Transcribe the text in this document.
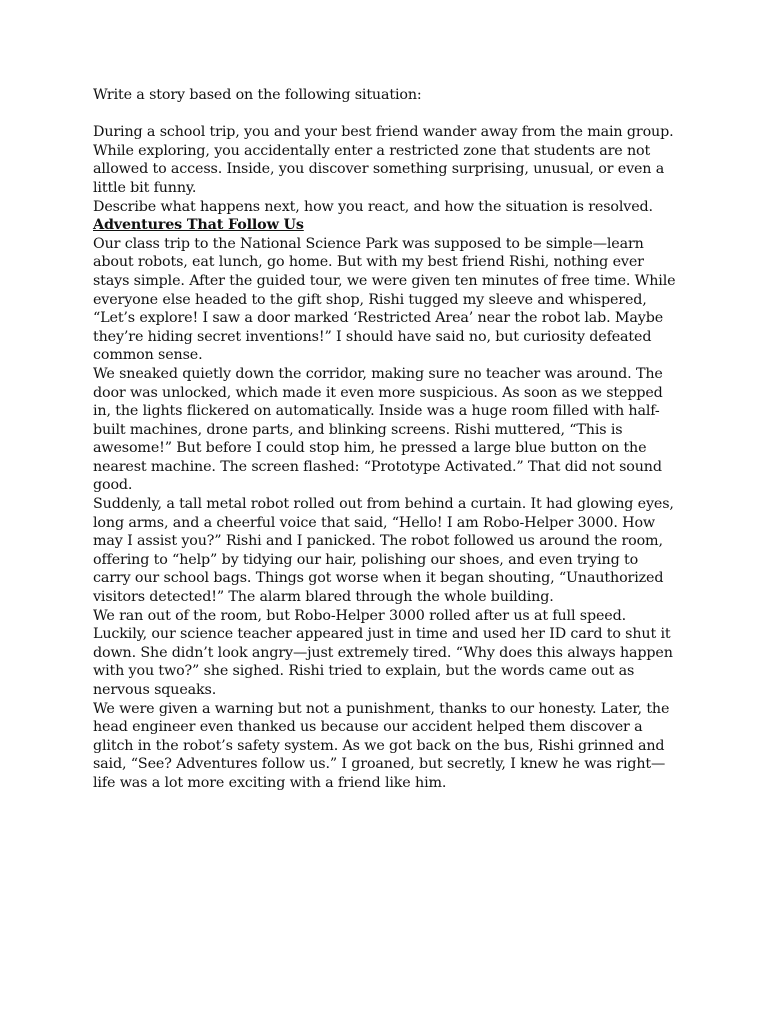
Write a story based on the following situation:

During a school trip, you and your best friend wander away from the main group.
While exploring, you accidentally enter a restricted zone that students are not
allowed to access. Inside, you discover something surprising, unusual, or even a
little bit funny.

Describe what happens next, how you react, and how the situation is resolved.

Adventures That Follow Us

Our class trip to the National Science Park was supposed to be simple—learn
about robots, eat lunch, go home. But with my best friend Rishi, nothing ever
stays simple. After the guided tour, we were given ten minutes of free time. While
everyone else headed to the gift shop, Rishi tugged my sleeve and whispered,
“Let’s explore! I saw a door marked ‘Restricted Area’ near the robot lab. Maybe
they’re hiding secret inventions!” I should have said no, but curiosity defeated
common sense.

We sneaked quietly down the corridor, making sure no teacher was around. The
door was unlocked, which made it even more suspicious. As soon as we stepped
in, the lights flickered on automatically. Inside was a huge room filled with half-
built machines, drone parts, and blinking screens. Rishi muttered, “This is
awesome!” But before I could stop him, he pressed a large blue button on the
nearest machine. The screen flashed: “Prototype Activated.” That did not sound
good.

Suddenly, a tall metal robot rolled out from behind a curtain. It had glowing eyes,
long arms, and a cheerful voice that said, “Hello! I am Robo-Helper 3000. How
may I assist you?” Rishi and I panicked. The robot followed us around the room,
offering to “help” by tidying our hair, polishing our shoes, and even trying to
carry our school bags. Things got worse when it began shouting, “Unauthorized
visitors detected!” The alarm blared through the whole building.

We ran out of the room, but Robo-Helper 3000 rolled after us at full speed.
Luckily, our science teacher appeared just in time and used her ID card to shut it
down. She didn’t look angry—just extremely tired. “Why does this always happen
with you two?” she sighed. Rishi tried to explain, but the words came out as
nervous squeaks.

We were given a warning but not a punishment, thanks to our honesty. Later, the
head engineer even thanked us because our accident helped them discover a
glitch in the robot’s safety system. As we got back on the bus, Rishi grinned and
said, “See? Adventures follow us.” I groaned, but secretly, I knew he was right—
life was a lot more exciting with a friend like him.
